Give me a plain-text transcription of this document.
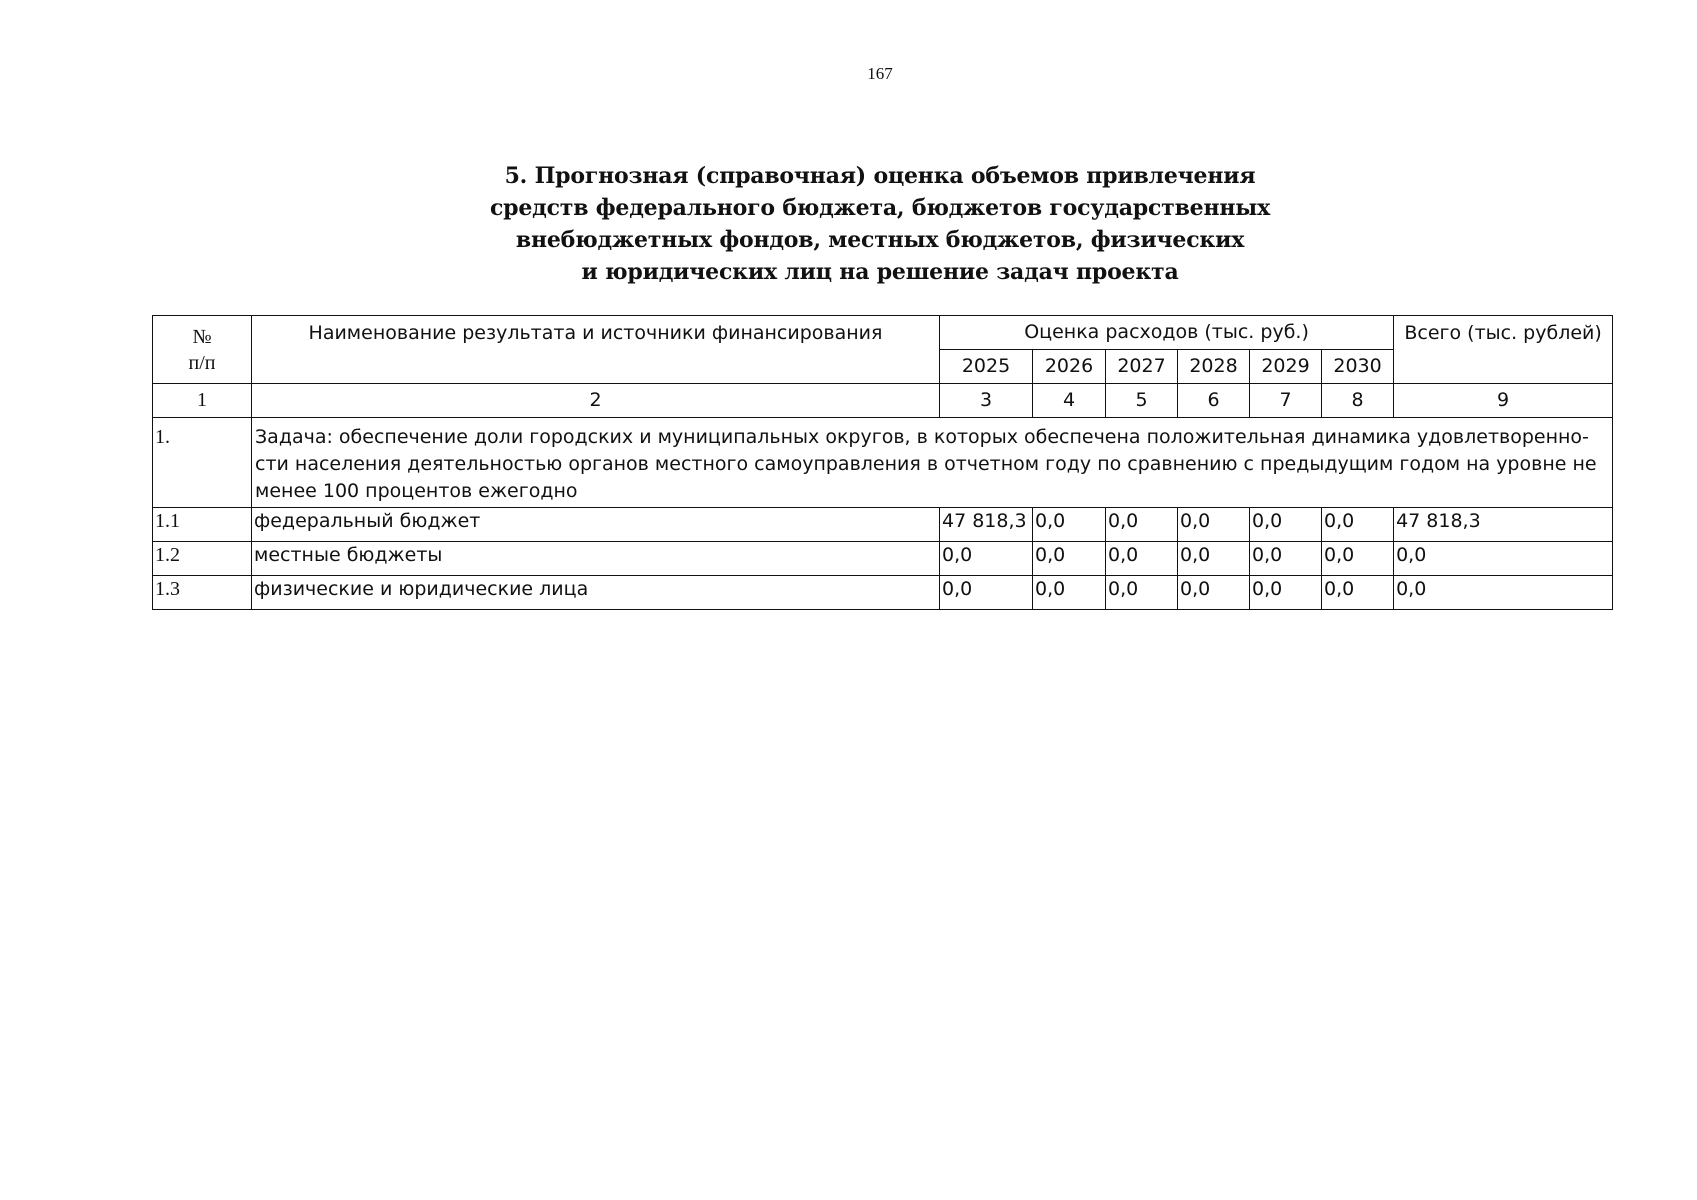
167
5. Прогнозная (справочная) оценка объемов привлечения
средств федерального бюджета, бюджетов государственных
внебюджетных фондов, местных бюджетов, физических
и юридических лиц на решение задач проекта
№
п/п	Наименование результата и источники финансирования	Оценка расходов (тыс. руб.)						Всего (тыс. рублей)
		2025	2026	2027	2028	2029	2030	
1	2	3	4	5	6	7	8	9
1.	Задача: обеспечение доли городских и муниципальных округов, в которых обеспечена положительная динамика удовлетворенно-сти населения деятельностью органов местного самоуправления в отчетном году по сравнению с предыдущим годом на уровне не менее 100 процентов ежегодно							
1.1	федеральный бюджет	47 818,3	0,0	0,0	0,0	0,0	0,0	47 818,3
1.2	местные бюджеты	0,0	0,0	0,0	0,0	0,0	0,0	0,0
1.3	физические и юридические лица	0,0	0,0	0,0	0,0	0,0	0,0	0,0
